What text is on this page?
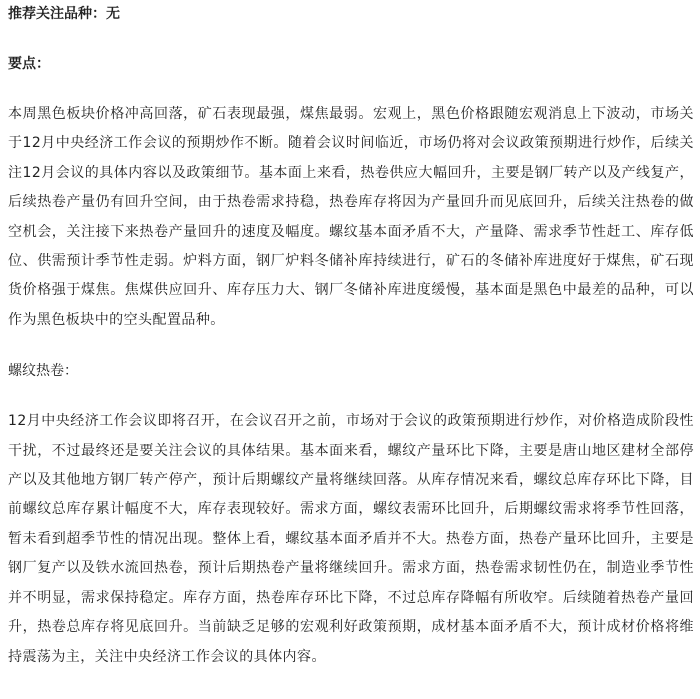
推荐关注品种：无

要点：

本周黑色板块价格冲高回落，矿石表现最强，煤焦最弱。宏观上，黑色价格跟随宏观消息上下波动，市场关于12月中央经济工作会议的预期炒作不断。随着会议时间临近，市场仍将对会议政策预期进行炒作，后续关注12月会议的具体内容以及政策细节。基本面上来看，热卷供应大幅回升，主要是钢厂转产以及产线复产，后续热卷产量仍有回升空间，由于热卷需求持稳，热卷库存将因为产量回升而见底回升，后续关注热卷的做空机会，关注接下来热卷产量回升的速度及幅度。螺纹基本面矛盾不大，产量降、需求季节性赶工、库存低位、供需预计季节性走弱。炉料方面，钢厂炉料冬储补库持续进行，矿石的冬储补库进度好于煤焦，矿石现货价格强于煤焦。焦煤供应回升、库存压力大、钢厂冬储补库进度缓慢，基本面是黑色中最差的品种，可以作为黑色板块中的空头配置品种。

螺纹热卷：

12月中央经济工作会议即将召开，在会议召开之前，市场对于会议的政策预期进行炒作，对价格造成阶段性干扰，不过最终还是要关注会议的具体结果。基本面来看，螺纹产量环比下降，主要是唐山地区建材全部停产以及其他地方钢厂转产停产，预计后期螺纹产量将继续回落。从库存情况来看，螺纹总库存环比下降，目前螺纹总库存累计幅度不大，库存表现较好。需求方面，螺纹表需环比回升，后期螺纹需求将季节性回落，暂未看到超季节性的情况出现。整体上看，螺纹基本面矛盾并不大。热卷方面，热卷产量环比回升，主要是钢厂复产以及铁水流回热卷，预计后期热卷产量将继续回升。需求方面，热卷需求韧性仍在，制造业季节性并不明显，需求保持稳定。库存方面，热卷库存环比下降，不过总库存降幅有所收窄。后续随着热卷产量回升，热卷总库存将见底回升。当前缺乏足够的宏观利好政策预期，成材基本面矛盾不大，预计成材价格将维持震荡为主，关注中央经济工作会议的具体内容。
